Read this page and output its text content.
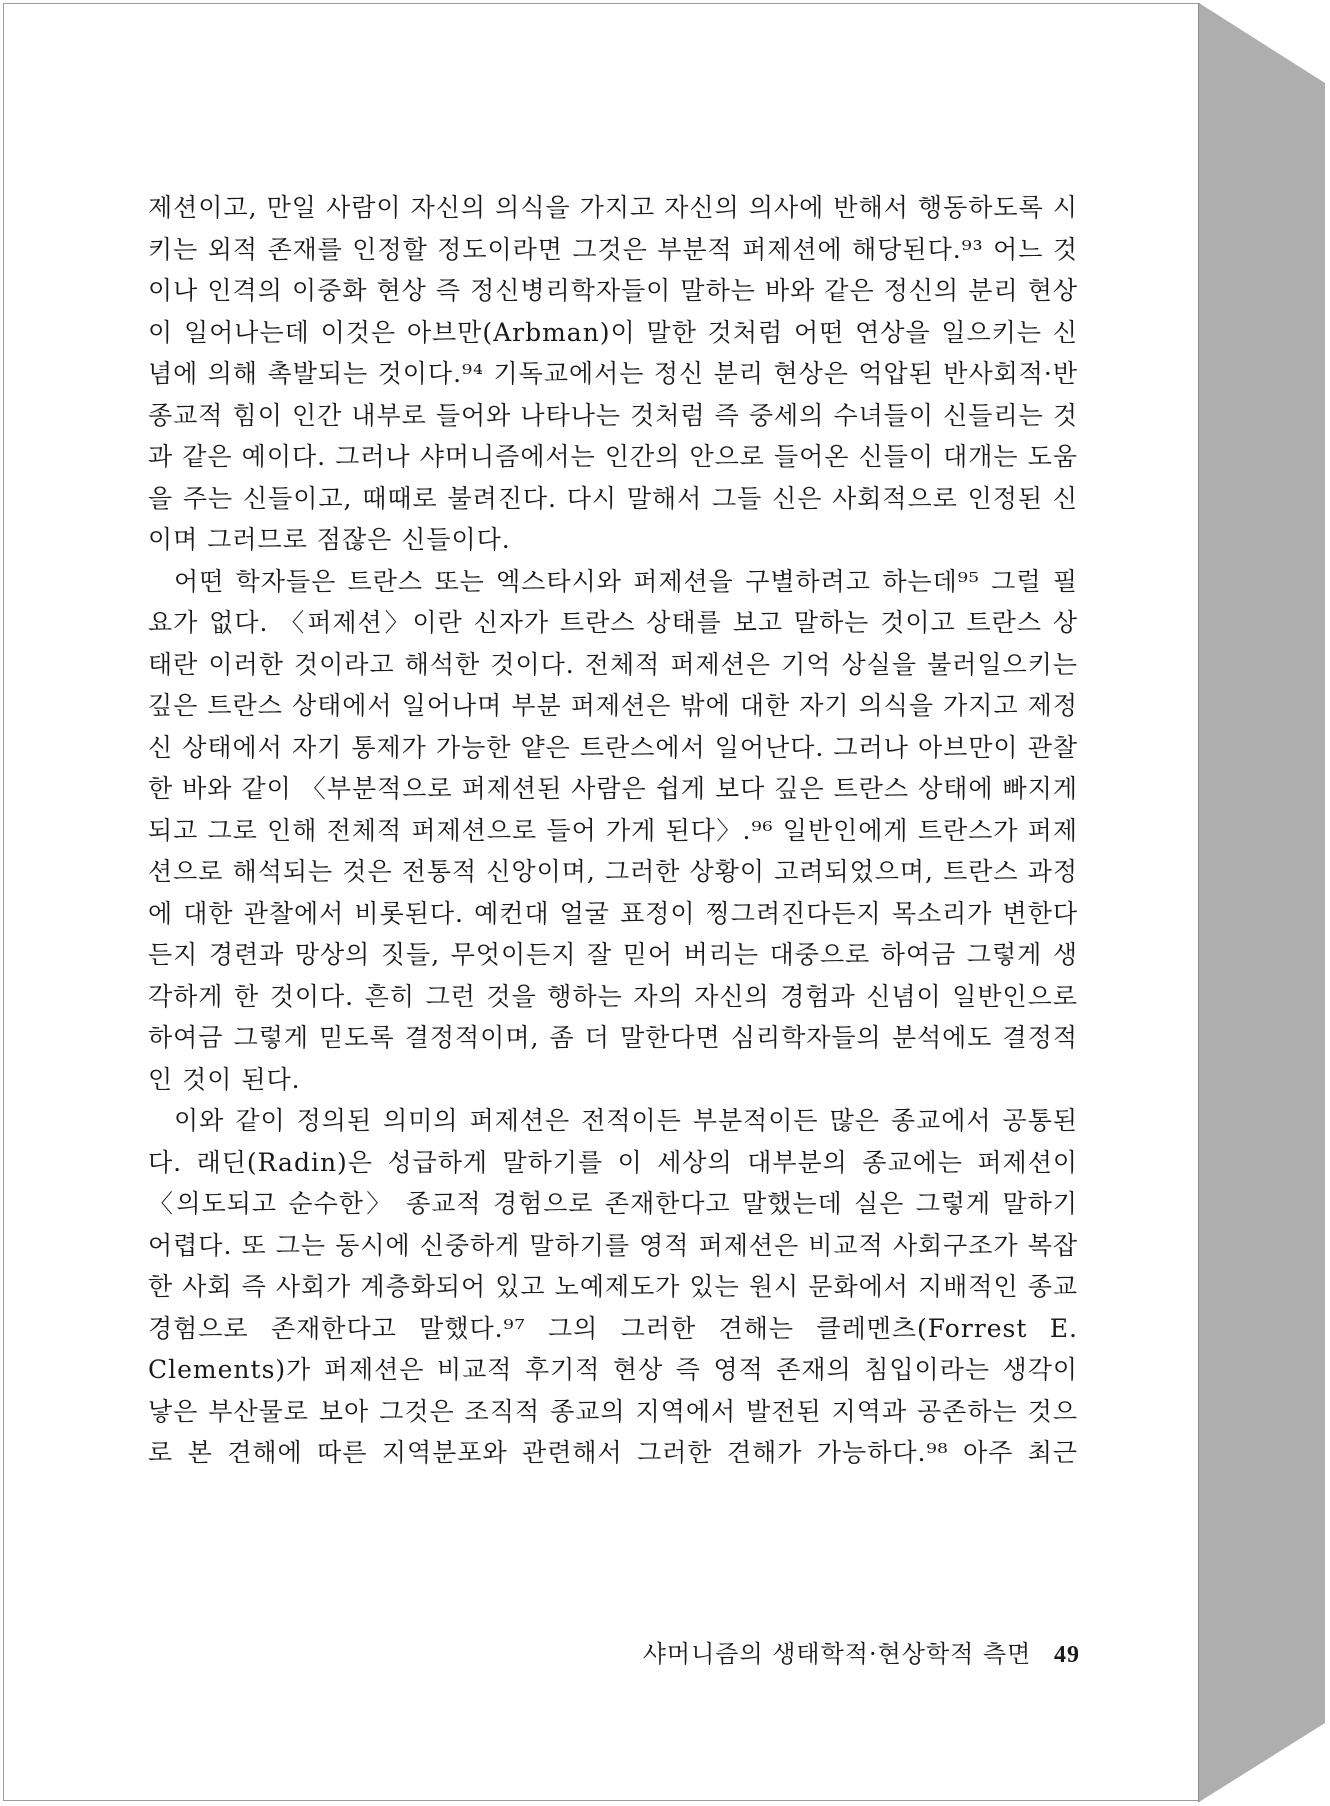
제션이고, 만일 사람이 자신의 의식을 가지고 자신의 의사에 반해서 행동하도록 시키는 외적 존재를 인정할 정도이라면 그것은 부분적 퍼제션에 해당된다.⁹³ 어느 것이나 인격의 이중화 현상 즉 정신병리학자들이 말하는 바와 같은 정신의 분리 현상이 일어나는데 이것은 아브만(Arbman)이 말한 것처럼 어떤 연상을 일으키는 신념에 의해 촉발되는 것이다.⁹⁴ 기독교에서는 정신 분리 현상은 억압된 반사회적·반종교적 힘이 인간 내부로 들어와 나타나는 것처럼 즉 중세의 수녀들이 신들리는 것과 같은 예이다. 그러나 샤머니즘에서는 인간의 안으로 들어온 신들이 대개는 도움을 주는 신들이고, 때때로 불려진다. 다시 말해서 그들 신은 사회적으로 인정된 신이며 그러므로 점잖은 신들이다.

어떤 학자들은 트란스 또는 엑스타시와 퍼제션을 구별하려고 하는데⁹⁵ 그럴 필요가 없다. 〈퍼제션〉이란 신자가 트란스 상태를 보고 말하는 것이고 트란스 상태란 이러한 것이라고 해석한 것이다. 전체적 퍼제션은 기억 상실을 불러일으키는 깊은 트란스 상태에서 일어나며 부분 퍼제션은 밖에 대한 자기 의식을 가지고 제정신 상태에서 자기 통제가 가능한 얕은 트란스에서 일어난다. 그러나 아브만이 관찰한 바와 같이 〈부분적으로 퍼제션된 사람은 쉽게 보다 깊은 트란스 상태에 빠지게 되고 그로 인해 전체적 퍼제션으로 들어 가게 된다〉.⁹⁶ 일반인에게 트란스가 퍼제션으로 해석되는 것은 전통적 신앙이며, 그러한 상황이 고려되었으며, 트란스 과정에 대한 관찰에서 비롯된다. 예컨대 얼굴 표정이 찡그려진다든지 목소리가 변한다든지 경련과 망상의 짓들, 무엇이든지 잘 믿어 버리는 대중으로 하여금 그렇게 생각하게 한 것이다. 흔히 그런 것을 행하는 자의 자신의 경험과 신념이 일반인으로 하여금 그렇게 믿도록 결정적이며, 좀 더 말한다면 심리학자들의 분석에도 결정적인 것이 된다.

이와 같이 정의된 의미의 퍼제션은 전적이든 부분적이든 많은 종교에서 공통된다. 래딘(Radin)은 성급하게 말하기를 이 세상의 대부분의 종교에는 퍼제션이 〈의도되고 순수한〉 종교적 경험으로 존재한다고 말했는데 실은 그렇게 말하기 어렵다. 또 그는 동시에 신중하게 말하기를 영적 퍼제션은 비교적 사회구조가 복잡한 사회 즉 사회가 계층화되어 있고 노예제도가 있는 원시 문화에서 지배적인 종교 경험으로 존재한다고 말했다.⁹⁷ 그의 그러한 견해는 클레멘츠(Forrest E. Clements)가 퍼제션은 비교적 후기적 현상 즉 영적 존재의 침입이라는 생각이 낳은 부산물로 보아 그것은 조직적 종교의 지역에서 발전된 지역과 공존하는 것으로 본 견해에 따른 지역분포와 관련해서 그러한 견해가 가능하다.⁹⁸ 아주 최근

샤머니즘의 생태학적·현상학적 측면 49
